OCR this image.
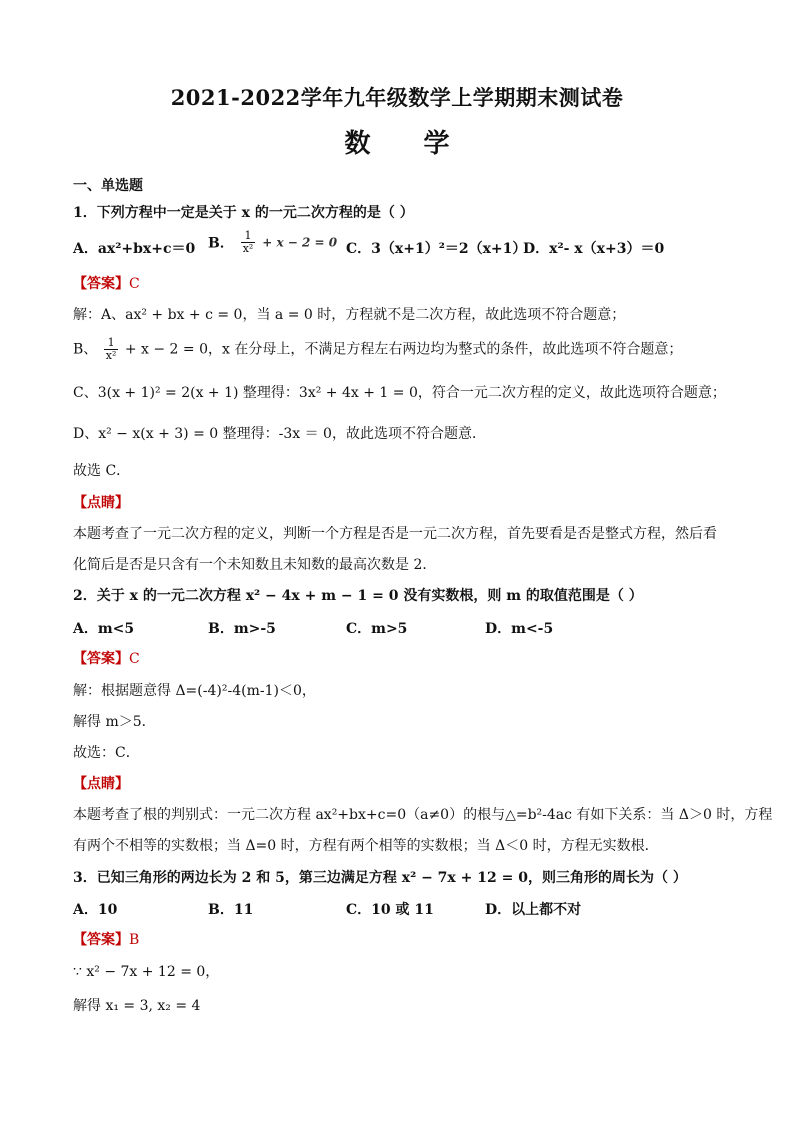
2021-2022学年九年级数学上学期期末测试卷
数 学
一、单选题
1．下列方程中一定是关于 x 的一元二次方程的是（ ）
A．ax²+bx+c＝0 B． $\frac{1}{\text{x²}} + x - 2 = 0$ C．3（x+1）²＝2（x+1）
D．x²- x（x+3）＝0
【答案】C
解：A、ax² + bx + c = 0，当 a = 0 时，方程就不是二次方程，故此选项不符合题意；
B、 $\frac{1}{\text{x²}} + x - 2 = 0$，x 在分母上，不满足方程左右两边均为整式的条件，故此选项不符合题意；
C、3(x + 1)² = 2(x + 1) 整理得：3x² + 4x + 1 = 0，符合一元二次方程的定义，故此选项符合题意；
D、x² − x(x + 3) = 0 整理得：-3x ＝ 0，故此选项不符合题意．
故选 C．
【点睛】
本题考查了一元二次方程的定义，判断一个方程是否是一元二次方程，首先要看是否是整式方程，然后看
化简后是否是只含有一个未知数且未知数的最高次数是 2．
2．关于 x 的一元二次方程 x² − 4x + m − 1 = 0 没有实数根，则 m 的取值范围是（ ）
A．m<5	B．m>-5	C．m>5	D．m<-5
【答案】C
解：根据题意得 Δ=(-4)²-4(m-1)＜0，
解得 m＞5．
故选：C．
【点睛】
本题考查了根的判别式：一元二次方程 ax²+bx+c=0（a≠0）的根与△=b²-4ac 有如下关系：当 Δ＞0 时，方程
有两个不相等的实数根；当 Δ=0 时，方程有两个相等的实数根；当 Δ＜0 时，方程无实数根．
3．已知三角形的两边长为 2 和 5，第三边满足方程 x² − 7x + 12 = 0，则三角形的周长为（ ）
A．10	B．11	C．10 或 11	D．以上都不对
【答案】B
∵ x² − 7x + 12 = 0，
解得 x₁ = 3, x₂ = 4
